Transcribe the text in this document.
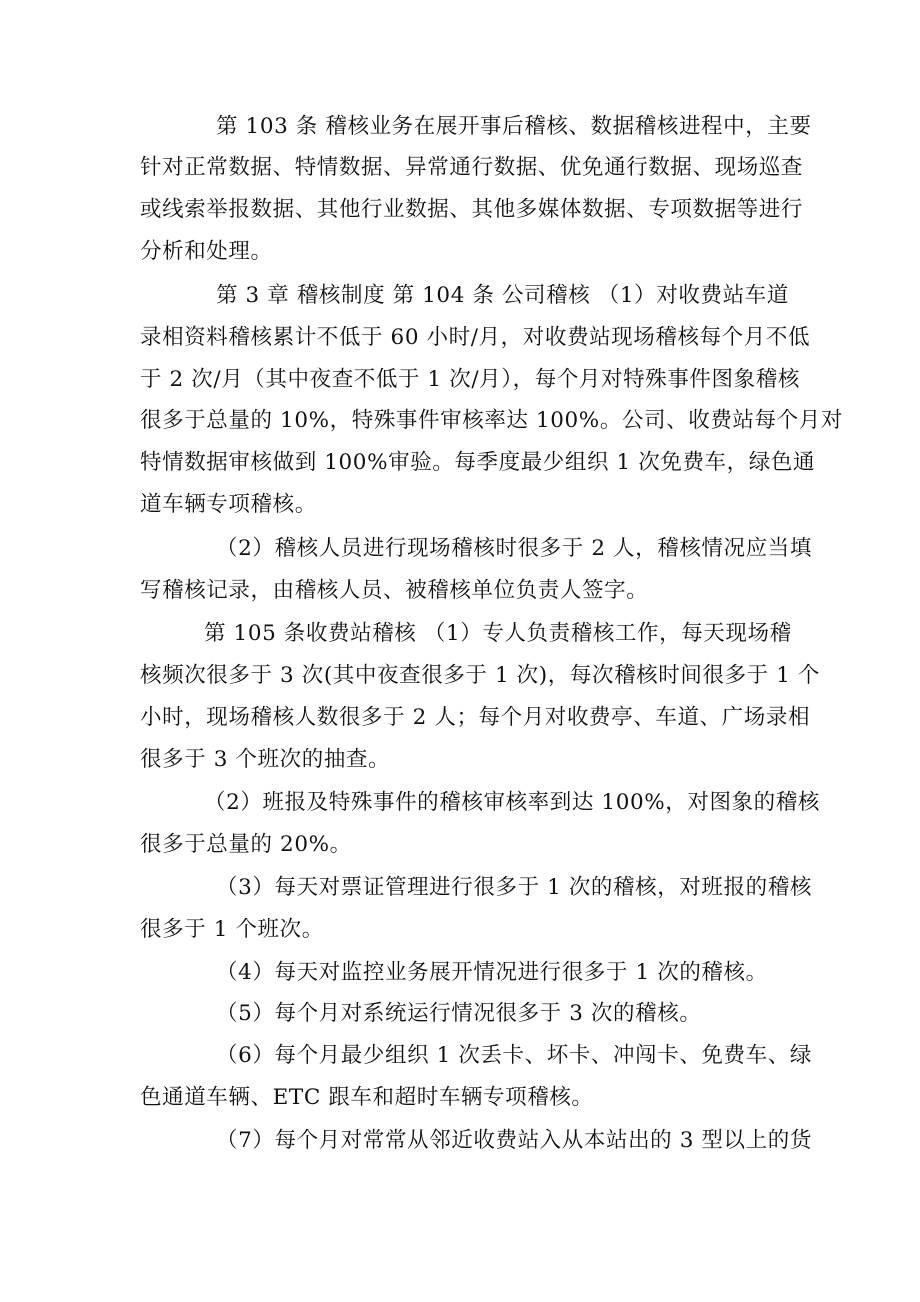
第 103 条 稽核业务在展开事后稽核、数据稽核进程中，主要
针对正常数据、特情数据、异常通行数据、优免通行数据、现场巡查
或线索举报数据、其他行业数据、其他多媒体数据、专项数据等进行
分析和处理。
第 3 章 稽核制度 第 104 条 公司稽核 （1）对收费站车道
录相资料稽核累计不低于 60 小时/月，对收费站现场稽核每个月不低
于 2 次/月（其中夜查不低于 1 次/月），每个月对特殊事件图象稽核
很多于总量的 10%，特殊事件审核率达 100%。公司、收费站每个月对
特情数据审核做到 100%审验。每季度最少组织 1 次免费车，绿色通
道车辆专项稽核。
（2）稽核人员进行现场稽核时很多于 2 人，稽核情况应当填
写稽核记录，由稽核人员、被稽核单位负责人签字。
第 105 条收费站稽核 （1）专人负责稽核工作，每天现场稽
核频次很多于 3 次(其中夜查很多于 1 次)，每次稽核时间很多于 1 个
小时，现场稽核人数很多于 2 人；每个月对收费亭、车道、广场录相
很多于 3 个班次的抽查。
（2）班报及特殊事件的稽核审核率到达 100%，对图象的稽核
很多于总量的 20%。
（3）每天对票证管理进行很多于 1 次的稽核，对班报的稽核
很多于 1 个班次。
（4）每天对监控业务展开情况进行很多于 1 次的稽核。
（5）每个月对系统运行情况很多于 3 次的稽核。
（6）每个月最少组织 1 次丢卡、坏卡、冲闯卡、免费车、绿
色通道车辆、ETC 跟车和超时车辆专项稽核。
（7）每个月对常常从邻近收费站入从本站出的 3 型以上的货
